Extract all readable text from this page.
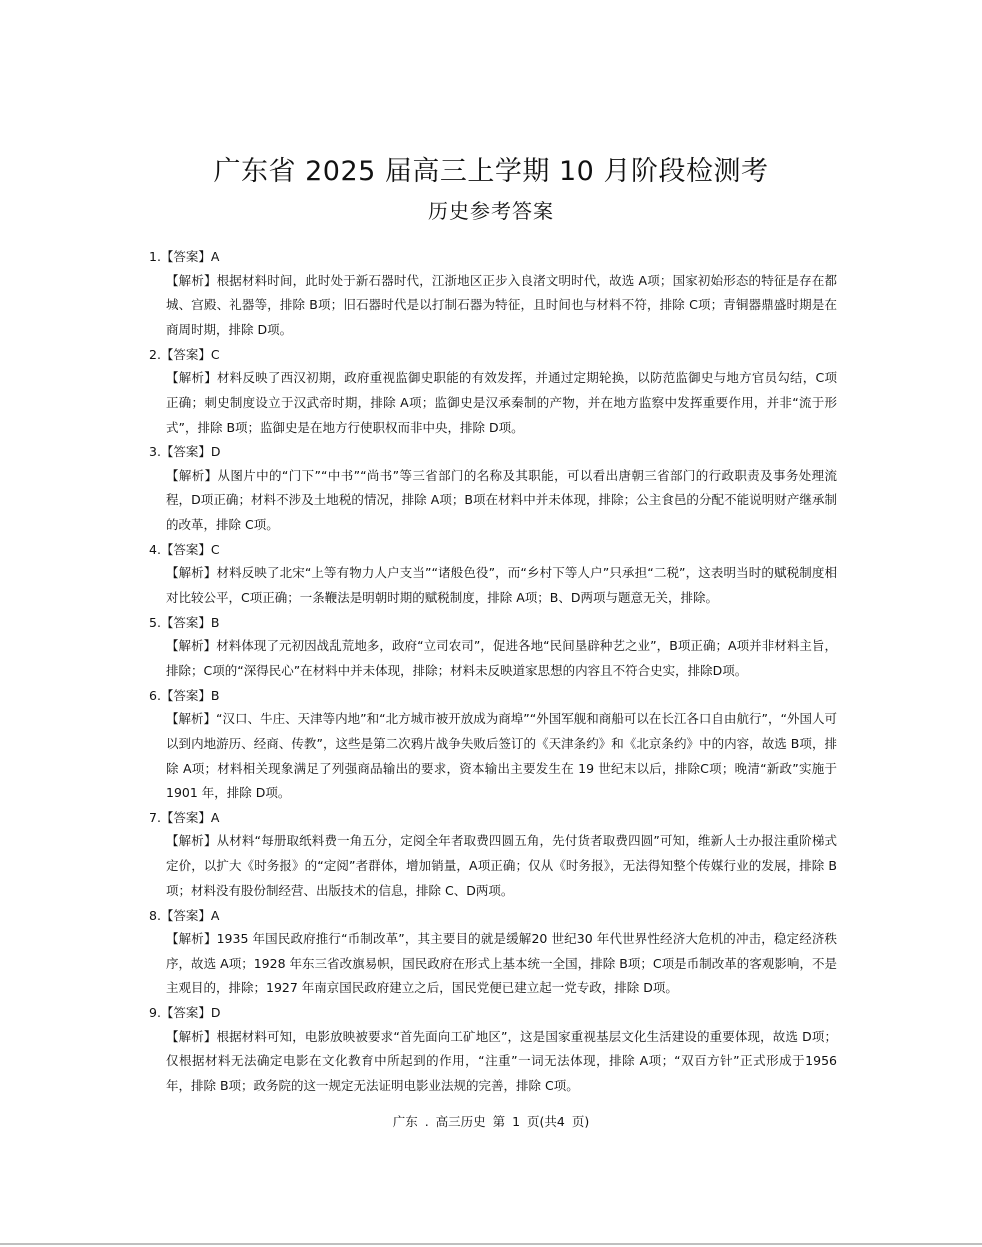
广东省 2025 届高三上学期 10 月阶段检测考
历史参考答案
1.【答案】A
【解析】根据材料时间，此时处于新石器时代，江浙地区正步入良渚文明时代，故选 A项；国家初始形态的特征是存在都城、宫殿、礼器等，排除 B项；旧石器时代是以打制石器为特征，且时间也与材料不符，排除 C项；青铜器鼎盛时期是在商周时期，排除 D项。
2.【答案】C
【解析】材料反映了西汉初期，政府重视监御史职能的有效发挥，并通过定期轮换，以防范监御史与地方官员勾结，C项正确；刺史制度设立于汉武帝时期，排除 A项；监御史是汉承秦制的产物，并在地方监察中发挥重要作用，并非“流于形式”，排除 B项；监御史是在地方行使职权而非中央，排除 D项。
3.【答案】D
【解析】从图片中的“门下”“中书”“尚书”等三省部门的名称及其职能，可以看出唐朝三省部门的行政职责及事务处理流程，D项正确；材料不涉及土地税的情况，排除 A项；B项在材料中并未体现，排除；公主食邑的分配不能说明财产继承制的改革，排除 C项。
4.【答案】C
【解析】材料反映了北宋“上等有物力人户支当”“诸般色役”，而“乡村下等人户”只承担“二税”，这表明当时的赋税制度相对比较公平，C项正确；一条鞭法是明朝时期的赋税制度，排除 A项；B、D两项与题意无关，排除。
5.【答案】B
【解析】材料体现了元初因战乱荒地多，政府“立司农司”，促进各地“民间垦辟种艺之业”，B项正确；A项并非材料主旨，排除；C项的“深得民心”在材料中并未体现，排除；材料未反映道家思想的内容且不符合史实，排除D项。
6.【答案】B
【解析】“汉口、牛庄、天津等内地”和“北方城市被开放成为商埠”“外国军舰和商船可以在长江各口自由航行”，“外国人可以到内地游历、经商、传教”，这些是第二次鸦片战争失败后签订的《天津条约》和《北京条约》中的内容，故选 B项，排除 A项；材料相关现象满足了列强商品输出的要求，资本输出主要发生在 19 世纪末以后，排除C项；晚清“新政”实施于 1901 年，排除 D项。
7.【答案】A
【解析】从材料“每册取纸料费一角五分，定阅全年者取费四圆五角，先付货者取费四圆”可知，维新人士办报注重阶梯式定价，以扩大《时务报》的“定阅”者群体，增加销量，A项正确；仅从《时务报》，无法得知整个传媒行业的发展，排除 B项；材料没有股份制经营、出版技术的信息，排除 C、D两项。
8.【答案】A
【解析】1935 年国民政府推行“币制改革”，其主要目的就是缓解20 世纪30 年代世界性经济大危机的冲击，稳定经济秩序，故选 A项；1928 年东三省改旗易帜，国民政府在形式上基本统一全国，排除 B项；C项是币制改革的客观影响，不是主观目的，排除；1927 年南京国民政府建立之后，国民党便已建立起一党专政，排除 D项。
9.【答案】D
【解析】根据材料可知，电影放映被要求“首先面向工矿地区”，这是国家重视基层文化生活建设的重要体现，故选 D项；仅根据材料无法确定电影在文化教育中所起到的作用，“注重”一词无法体现，排除 A项；“双百方针”正式形成于1956 年，排除 B项；政务院的这一规定无法证明电影业法规的完善，排除 C项。
广东 . 高三历史 第 1 页(共4 页)
